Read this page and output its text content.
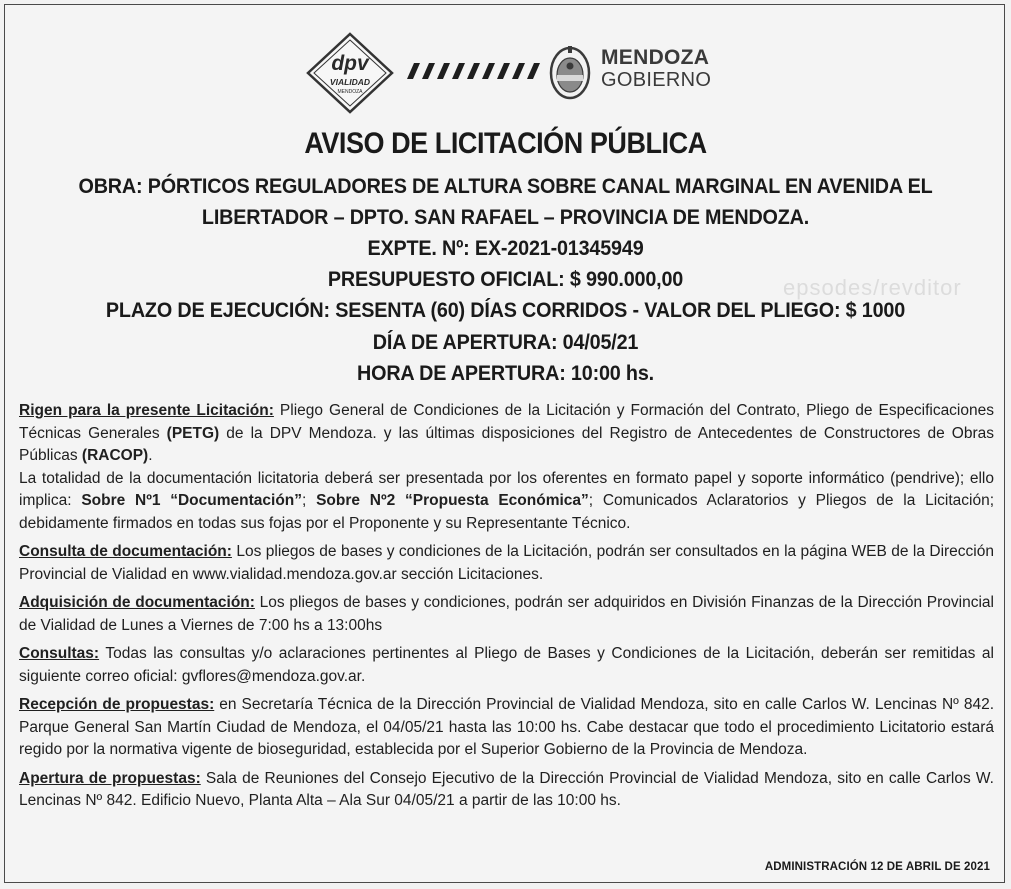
dpv
VIALIDAD
MENDOZA
MENDOZA
GOBIERNO
AVISO DE LICITACIÓN PÚBLICA
OBRA: PÓRTICOS REGULADORES DE ALTURA SOBRE CANAL MARGINAL EN AVENIDA EL
LIBERTADOR – DPTO. SAN RAFAEL – PROVINCIA DE MENDOZA.
EXPTE. Nº: EX-2021-01345949
PRESUPUESTO OFICIAL: $ 990.000,00
PLAZO DE EJECUCIÓN: SESENTA (60) DÍAS CORRIDOS - VALOR DEL PLIEGO: $ 1000
DÍA DE APERTURA: 04/05/21
HORA DE APERTURA: 10:00 hs.
epsodes/revditor

Rigen para la presente Licitación: Pliego General de Condiciones de la Licitación y Formación del Contrato, Pliego de Especificaciones Técnicas Generales (PETG) de la DPV Mendoza. y las últimas disposiciones del Registro de Antecedentes de Constructores de Obras Públicas (RACOP).

La totalidad de la documentación licitatoria deberá ser presentada por los oferentes en formato papel y soporte informático (pendrive); ello implica: Sobre Nº1 “Documentación”; Sobre Nº2 “Propuesta Económica”; Comunicados Aclaratorios y Pliegos de la Licitación; debidamente firmados en todas sus fojas por el Proponente y su Representante Técnico.

Consulta de documentación: Los pliegos de bases y condiciones de la Licitación, podrán ser consultados en la página WEB de la Dirección Provincial de Vialidad en www.vialidad.mendoza.gov.ar sección Licitaciones.

Adquisición de documentación: Los pliegos de bases y condiciones, podrán ser adquiridos en División Finanzas de la Dirección Provincial de Vialidad de Lunes a Viernes de 7:00 hs a 13:00hs

Consultas: Todas las consultas y/o aclaraciones pertinentes al Pliego de Bases y Condiciones de la Licitación, deberán ser remitidas al siguiente correo oficial: gvflores@mendoza.gov.ar.

Recepción de propuestas: en Secretaría Técnica de la Dirección Provincial de Vialidad Mendoza, sito en calle Carlos W. Lencinas Nº 842. Parque General San Martín Ciudad de Mendoza, el 04/05/21 hasta las 10:00 hs. Cabe destacar que todo el procedimiento Licitatorio estará regido por la normativa vigente de bioseguridad, establecida por el Superior Gobierno de la Provincia de Mendoza.

Apertura de propuestas: Sala de Reuniones del Consejo Ejecutivo de la Dirección Provincial de Vialidad Mendoza, sito en calle Carlos W. Lencinas Nº 842. Edificio Nuevo, Planta Alta – Ala Sur 04/05/21 a partir de las 10:00 hs.

ADMINISTRACIÓN 12 DE ABRIL DE 2021
